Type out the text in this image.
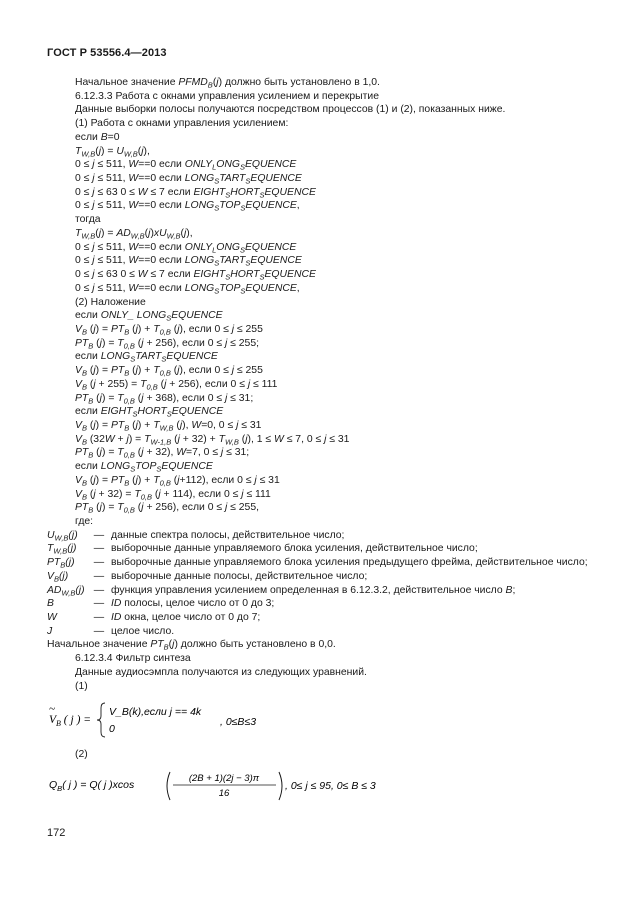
ГОСТ Р 53556.4—2013
Начальное значение $PFMD_B(j)$ должно быть установлено в 1,0.
6.12.3.3 Работа с окнами управления усилением и перекрытие
Данные выборки полосы получаются посредством процессов (1) и (2), показанных ниже.
(1) Работа с окнами управления усилением:
если B=0
$T_{W,B}(j) = U_{W,B}(j)$,
0 ≤ j ≤ 511, W==0 если $ONLY_LONG_SEQUENCE$
0 ≤ j ≤ 511, W==0 если $LONG_START_SEQUENCE$
0 ≤ j ≤ 63 0 ≤ W ≤ 7 если $EIGHT_SHORT_SEQUENCE$
0 ≤ j ≤ 511, W==0 если $LONG_STOP_SEQUENCE$,
тогда
$T_{W,B}(j) = AD_{W,B}(j)xU_{W,B}(j)$,
0 ≤ j ≤ 511, W==0 если $ONLY_LONG_SEQUENCE$
0 ≤ j ≤ 511, W==0 если $LONG_START_SEQUENCE$
0 ≤ j ≤ 63 0 ≤ W ≤ 7 если $EIGHT_SHORT_SEQUENCE$
0 ≤ j ≤ 511, W==0 если $LONG_STOP_SEQUENCE$,
(2) Наложение
если ONLY_ $LONG_SEQUENCE$
$V_B$ $(j) = PT_B$ $(j) + T_{0,B}$ (j), если 0 ≤ j ≤ 255
$PT_B$ $(j) = T_{0,B}$ (j + 256), если 0 ≤ j ≤ 255;
если $LONG_START_SEQUENCE$
$V_B$ $(j) = PT_B$ $(j) + T_{0,B}$ (j), если 0 ≤ j ≤ 255
$V_B$ $(j + 255) = T_{0,B}$ (j + 256), если 0 ≤ j ≤ 111
$PT_B$ $(j) = T_{0,B}$ (j + 368), если 0 ≤ j ≤ 31;
если $EIGHT_SHORT_SEQUENCE$
$V_B$ $(j) = PT_B$ $(j) + T_{W,B}$ (j), W=0, 0 ≤ j ≤ 31
$V_B$ $(32W + j) = T_{W-1,B}$ $(j + 32) + T_{W,B}$ (j), 1 ≤ W ≤ 7, 0 ≤ j ≤ 31
$PT_B$ $(j) = T_{0,B}$ (j + 32), W=7, 0 ≤ j ≤ 31;
если $LONG_STOP_SEQUENCE$
$V_B$ $(j) = PT_B$ $(j) + T_{0,B}$ (j+112), если 0 ≤ j ≤ 31
$V_B$ $(j + 32) = T_{0,B}$ (j + 114), если 0 ≤ j ≤ 111
$PT_B$ $(j) = T_{0,B}$ (j + 256), если 0 ≤ j ≤ 255,
где:
$U_{W,B}(j)$	— данные спектра полосы, действительное число;
$T_{W,B}(j)$	— выборочные данные управляемого блока усиления, действительное число;
$PT_B(j)$	— выборочные данные управляемого блока усиления предыдущего фрейма, действительное число;
$V_B(j)$	— выборочные данные полосы, действительное число;
$AD_{W,B}(j)$ — функция управления усилением определенная в 6.12.3.2, действительное число B;
B	— ID полосы, целое число от 0 до 3;
W	— ID окна, целое число от 0 до 7;
J	— целое число.
Начальное значение $PT_B(j)$ должно быть установлено в 0,0.
6.12.3.4 Фильтр синтеза
Данные аудиосэмпла получаются из следующих уравнений.
(1)
$V_B$ ( j ) =
~	V_B(k),если j == 4k
0
, 0≤B≤3
(2)
$Q_B$( j ) = Q( j )xcos
(2B + 1)(2j − 3)π
16
, 0≤ j ≤ 95, 0≤ B ≤ 3
172
